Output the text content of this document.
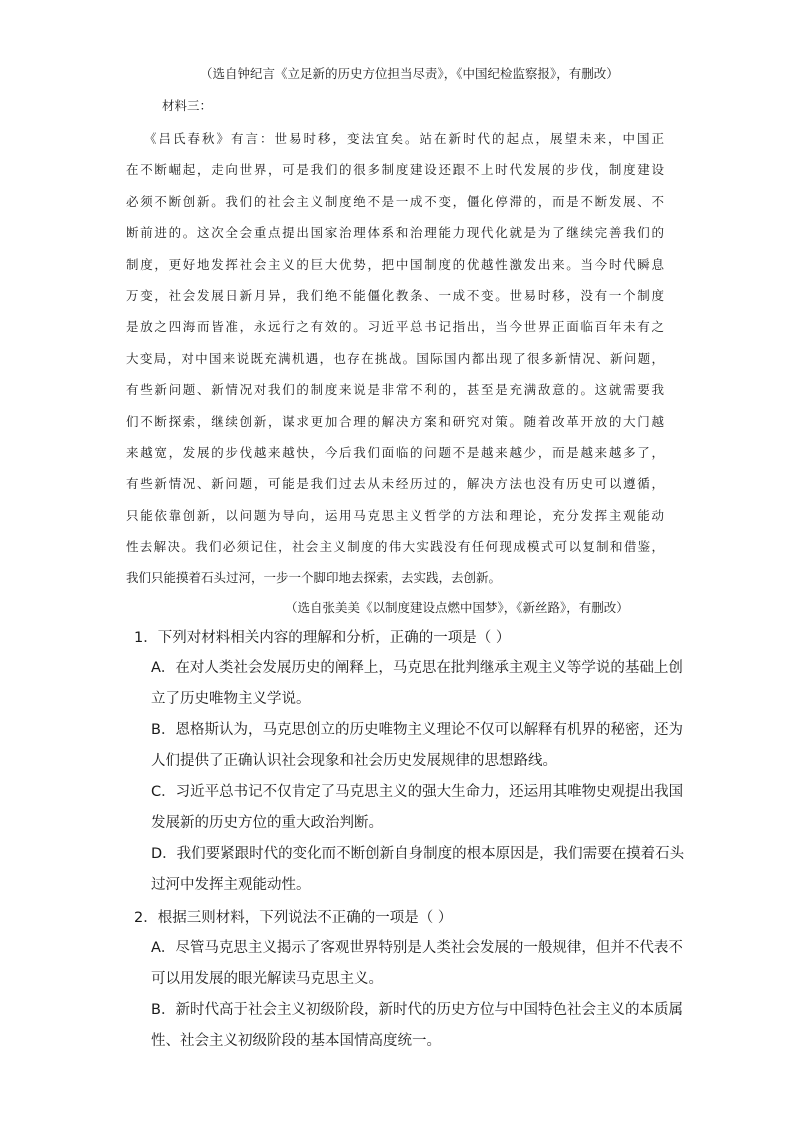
（选自钟纪言《立足新的历史方位担当尽责》，《中国纪检监察报》，有删改）
材料三：
《吕氏春秋》有言：世易时移，变法宜矣。站在新时代的起点，展望未来，中国正
在不断崛起，走向世界，可是我们的很多制度建设还跟不上时代发展的步伐，制度建设
必须不断创新。我们的社会主义制度绝不是一成不变，僵化停滞的，而是不断发展、不
断前进的。这次全会重点提出国家治理体系和治理能力现代化就是为了继续完善我们的
制度，更好地发挥社会主义的巨大优势，把中国制度的优越性激发出来。当今时代瞬息
万变，社会发展日新月异，我们绝不能僵化教条、一成不变。世易时移，没有一个制度
是放之四海而皆准，永远行之有效的。习近平总书记指出，当今世界正面临百年未有之
大变局，对中国来说既充满机遇，也存在挑战。国际国内都出现了很多新情况、新问题，
有些新问题、新情况对我们的制度来说是非常不利的，甚至是充满敌意的。这就需要我
们不断探索，继续创新，谋求更加合理的解决方案和研究对策。随着改革开放的大门越
来越宽，发展的步伐越来越快，今后我们面临的问题不是越来越少，而是越来越多了，
有些新情况、新问题，可能是我们过去从未经历过的，解决方法也没有历史可以遵循，
只能依靠创新，以问题为导向，运用马克思主义哲学的方法和理论，充分发挥主观能动
性去解决。我们必须记住，社会主义制度的伟大实践没有任何现成模式可以复制和借鉴，
我们只能摸着石头过河，一步一个脚印地去探索，去实践，去创新。
（选自张美美《以制度建设点燃中国梦》，《新丝路》，有删改）
1．下列对材料相关内容的理解和分析，正确的一项是（ ）
A．在对人类社会发展历史的阐释上，马克思在批判继承主观主义等学说的基础上创
立了历史唯物主义学说。
B．恩格斯认为，马克思创立的历史唯物主义理论不仅可以解释有机界的秘密，还为
人们提供了正确认识社会现象和社会历史发展规律的思想路线。
C．习近平总书记不仅肯定了马克思主义的强大生命力，还运用其唯物史观提出我国
发展新的历史方位的重大政治判断。
D．我们要紧跟时代的变化而不断创新自身制度的根本原因是，我们需要在摸着石头
过河中发挥主观能动性。
2．根据三则材料，下列说法不正确的一项是（ ）
A．尽管马克思主义揭示了客观世界特别是人类社会发展的一般规律，但并不代表不
可以用发展的眼光解读马克思主义。
B．新时代高于社会主义初级阶段，新时代的历史方位与中国特色社会主义的本质属
性、社会主义初级阶段的基本国情高度统一。
